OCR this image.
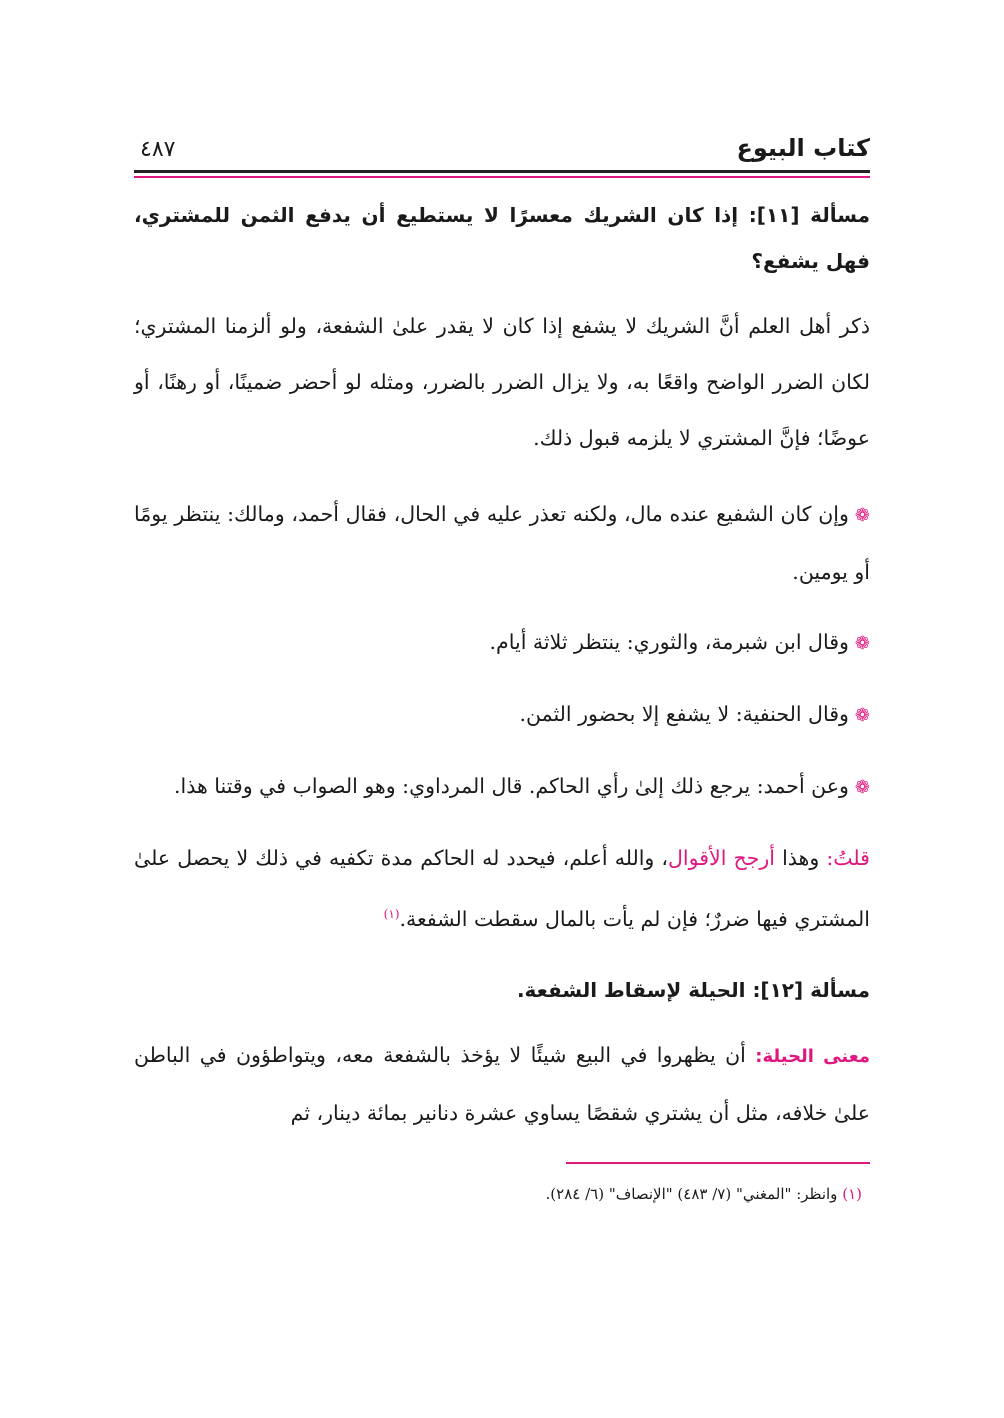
كتاب البيوع
٤٨٧
مسألة [١١]: إذا كان الشريك معسرًا لا يستطيع أن يدفع الثمن للمشتري، فهل يشفع؟

ذكر أهل العلم أنَّ الشريك لا يشفع إذا كان لا يقدر علىٰ الشفعة، ولو ألزمنا المشتري؛ لكان الضرر الواضح واقعًا به، ولا يزال الضرر بالضرر، ومثله لو أحضر ضمينًا، أو رهنًا، أو عوضًا؛ فإنَّ المشتري لا يلزمه قبول ذلك.

❁وإن كان الشفيع عنده مال، ولكنه تعذر عليه في الحال، فقال أحمد، ومالك: ينتظر يومًا أو يومين.
❁وقال ابن شبرمة، والثوري: ينتظر ثلاثة أيام.
❁وقال الحنفية: لا يشفع إلا بحضور الثمن.
❁وعن أحمد: يرجع ذلك إلىٰ رأي الحاكم. قال المرداوي: وهو الصواب في وقتنا هذا.

قلتُ: وهذا أرجح الأقوال، والله أعلم، فيحدد له الحاكم مدة تكفيه في ذلك لا يحصل علىٰ المشتري فيها ضررٌ؛ فإن لم يأت بالمال سقطت الشفعة.$^{(١)}$

مسألة [١٢]: الحيلة لإسقاط الشفعة.

معنى الحيلة: أن يظهروا في البيع شيئًا لا يؤخذ بالشفعة معه، ويتواطؤون في الباطن علىٰ خلافه، مثل أن يشتري شقصًا يساوي عشرة دنانير بمائة دينار، ثم

(١) وانظر: "المغني" (٧/ ٤٨٣) "الإنصاف" (٦/ ٢٨٤).
